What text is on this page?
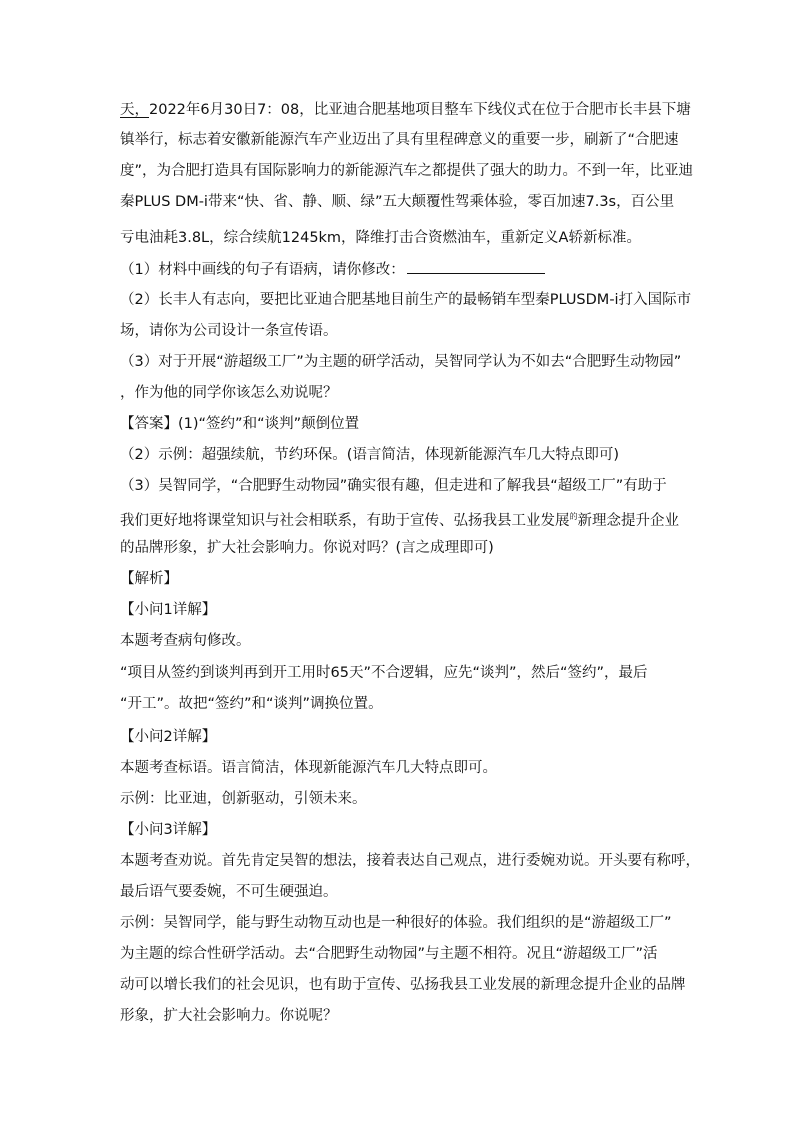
天，2022年6月30日7：08，比亚迪合肥基地项目整车下线仪式在位于合肥市长丰县下塘
镇举行，标志着安徽新能源汽车产业迈出了具有里程碑意义的重要一步，刷新了“合肥速
度”，为合肥打造具有国际影响力的新能源汽车之都提供了强大的助力。不到一年，比亚迪
秦PLUS DM-i带来“快、省、静、顺、绿”五大颠覆性驾乘体验，零百加速7.3s，百公里
亏电油耗3.8L，综合续航1245km，降维打击合资燃油车，重新定义A轿新标准。
（1）材料中画线的句子有语病，请你修改：
（2）长丰人有志向，要把比亚迪合肥基地目前生产的最畅销车型秦PLUSDM-i打入国际市
场，请你为公司设计一条宣传语。
（3）对于开展“游超级工厂”为主题的研学活动，吴智同学认为不如去“合肥野生动物园”
，作为他的同学你该怎么劝说呢？
【答案】(1)“签约”和“谈判”颠倒位置
（2）示例：超强续航，节约环保。(语言简洁，体现新能源汽车几大特点即可)
（3）吴智同学，“合肥野生动物园”确实很有趣，但走进和了解我县“超级工厂”有助于
我们更好地将课堂知识与社会相联系，有助于宣传、弘扬我县工业发展$^的$新理念提升企业
的品牌形象，扩大社会影响力。你说对吗？(言之成理即可)
【解析】
【小问1详解】
本题考查病句修改。
“项目从签约到谈判再到开工用时65天”不合逻辑，应先“谈判”，然后“签约”，最后
“开工”。故把“签约”和“谈判”调换位置。
【小问2详解】
本题考查标语。语言简洁，体现新能源汽车几大特点即可。
示例：比亚迪，创新驱动，引领未来。
【小问3详解】
本题考查劝说。首先肯定吴智的想法，接着表达自己观点，进行委婉劝说。开头要有称呼，
最后语气要委婉，不可生硬强迫。
示例：吴智同学，能与野生动物互动也是一种很好的体验。我们组织的是“游超级工厂”
为主题的综合性研学活动。去“合肥野生动物园”与主题不相符。况且“游超级工厂”活
动可以增长我们的社会见识，也有助于宣传、弘扬我县工业发展的新理念提升企业的品牌
形象，扩大社会影响力。你说呢？
